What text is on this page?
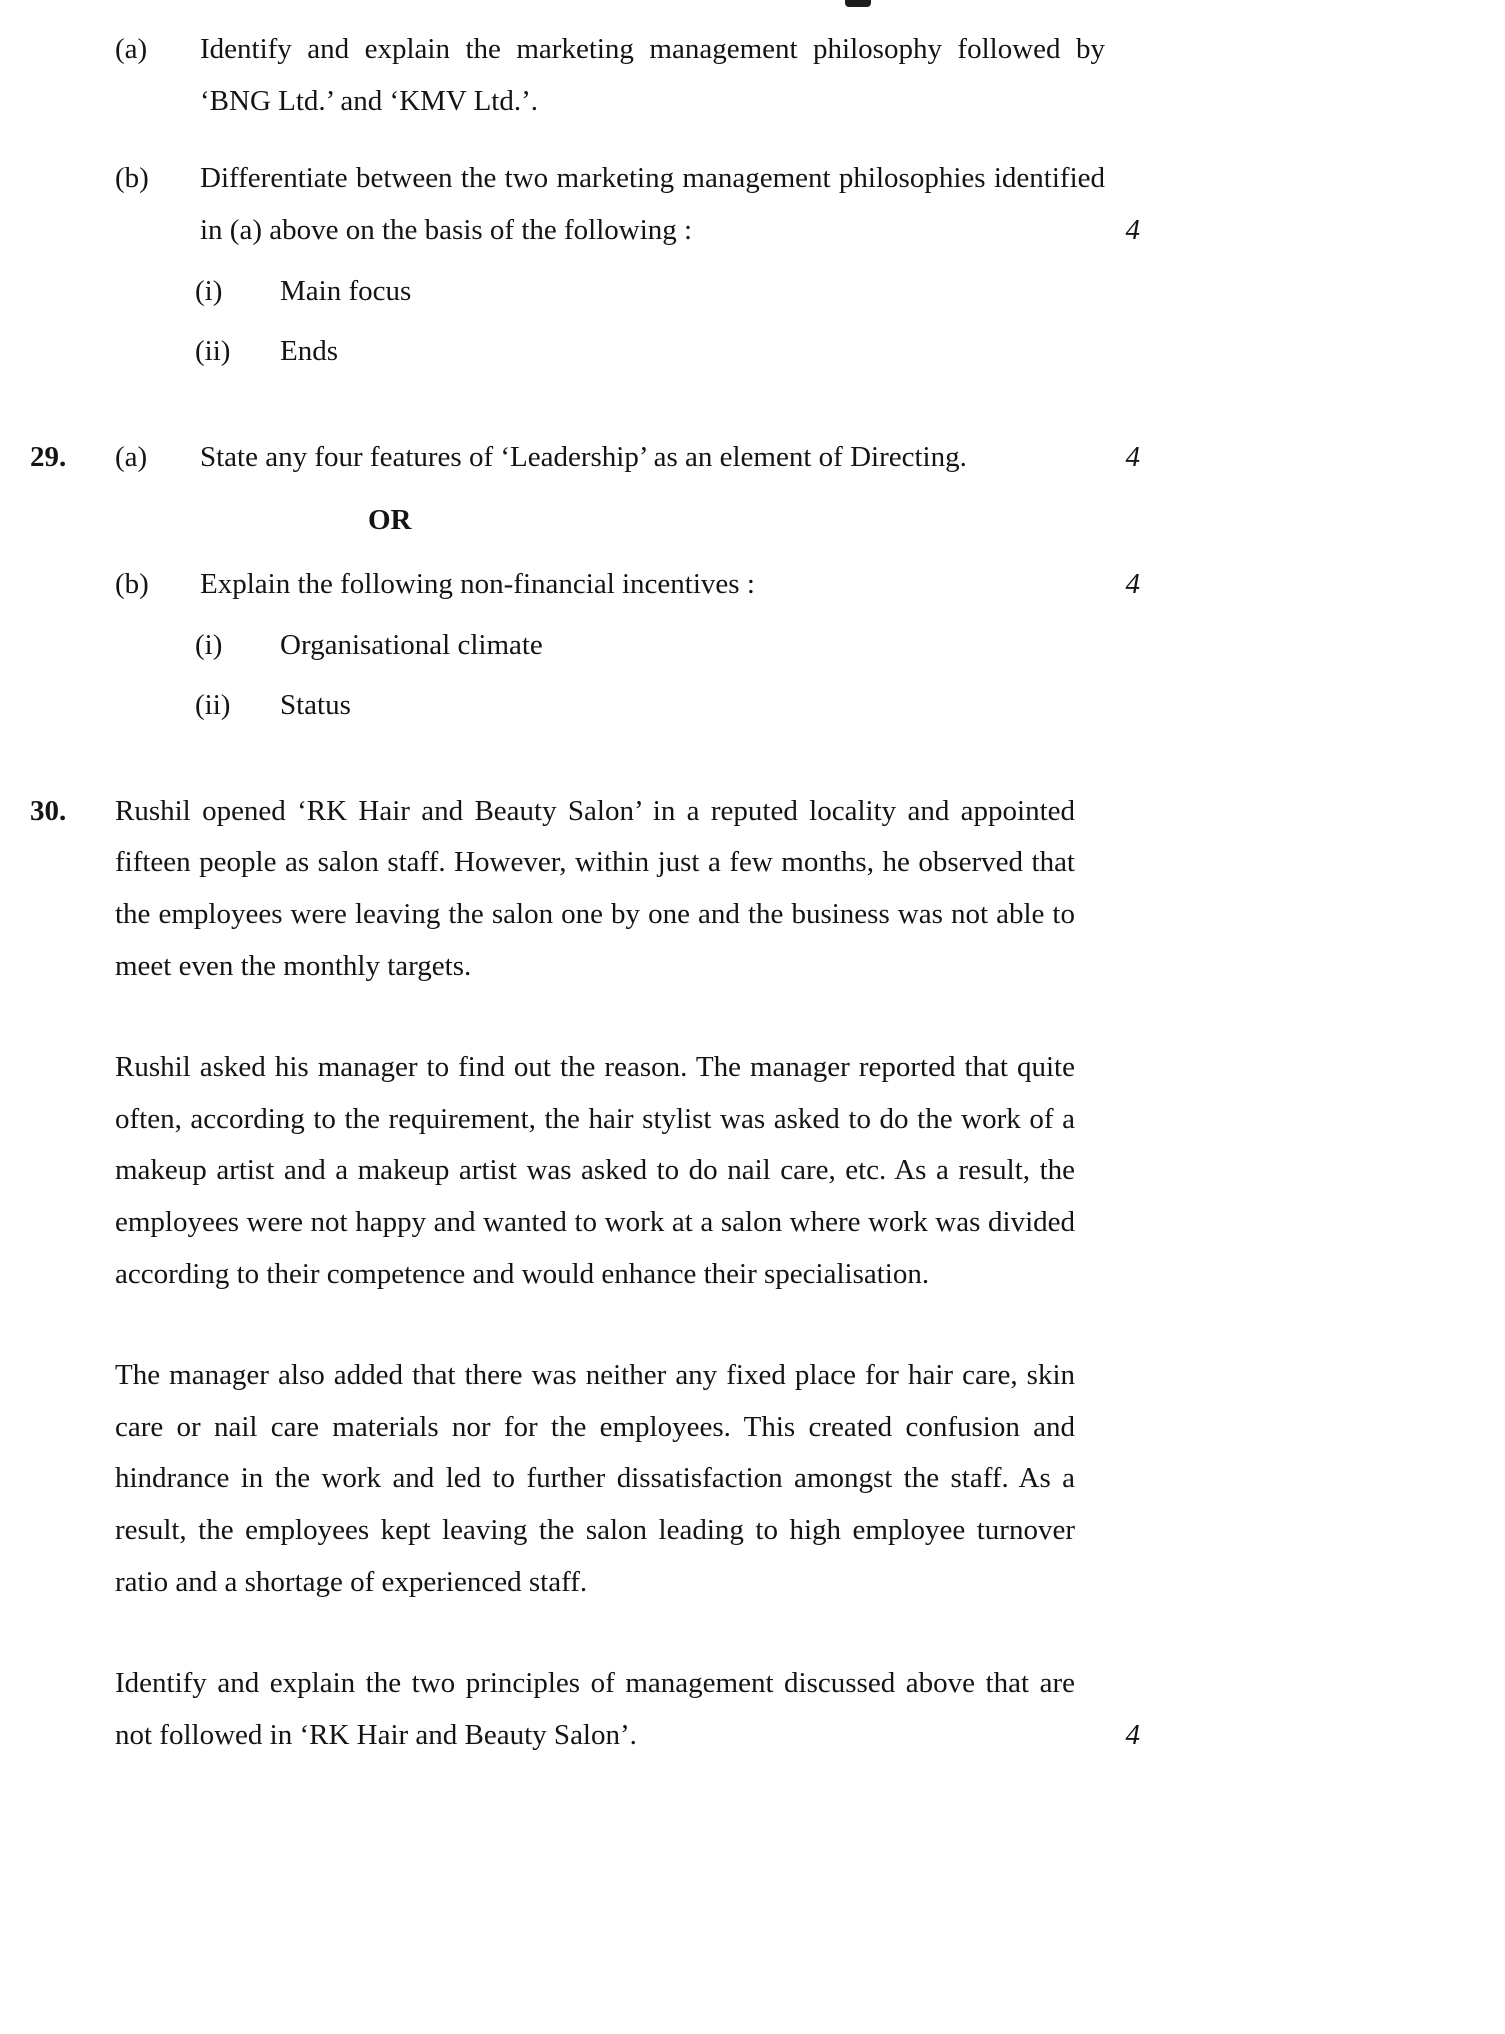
(a)	Identify and explain the marketing management philosophy followed by ‘BNG Ltd.’ and ‘KMV Ltd.’.
(b)	Differentiate between the two marketing management philosophies identified in (a) above on the basis of the following :	4
(i)	Main focus
(ii)	Ends
29.	(a)	State any four features of ‘Leadership’ as an element of Directing.	4
OR
(b)	Explain the following non-financial incentives :	4
(i)	Organisational climate
(ii)	Status
30.	Rushil opened ‘RK Hair and Beauty Salon’ in a reputed locality and appointed fifteen people as salon staff. However, within just a few months, he observed that the employees were leaving the salon one by one and the business was not able to meet even the monthly targets.
Rushil asked his manager to find out the reason. The manager reported that quite often, according to the requirement, the hair stylist was asked to do the work of a makeup artist and a makeup artist was asked to do nail care, etc. As a result, the employees were not happy and wanted to work at a salon where work was divided according to their competence and would enhance their specialisation.
The manager also added that there was neither any fixed place for hair care, skin care or nail care materials nor for the employees. This created confusion and hindrance in the work and led to further dissatisfaction amongst the staff. As a result, the employees kept leaving the salon leading to high employee turnover ratio and a shortage of experienced staff.
Identify and explain the two principles of management discussed above that are not followed in ‘RK Hair and Beauty Salon’.	4
